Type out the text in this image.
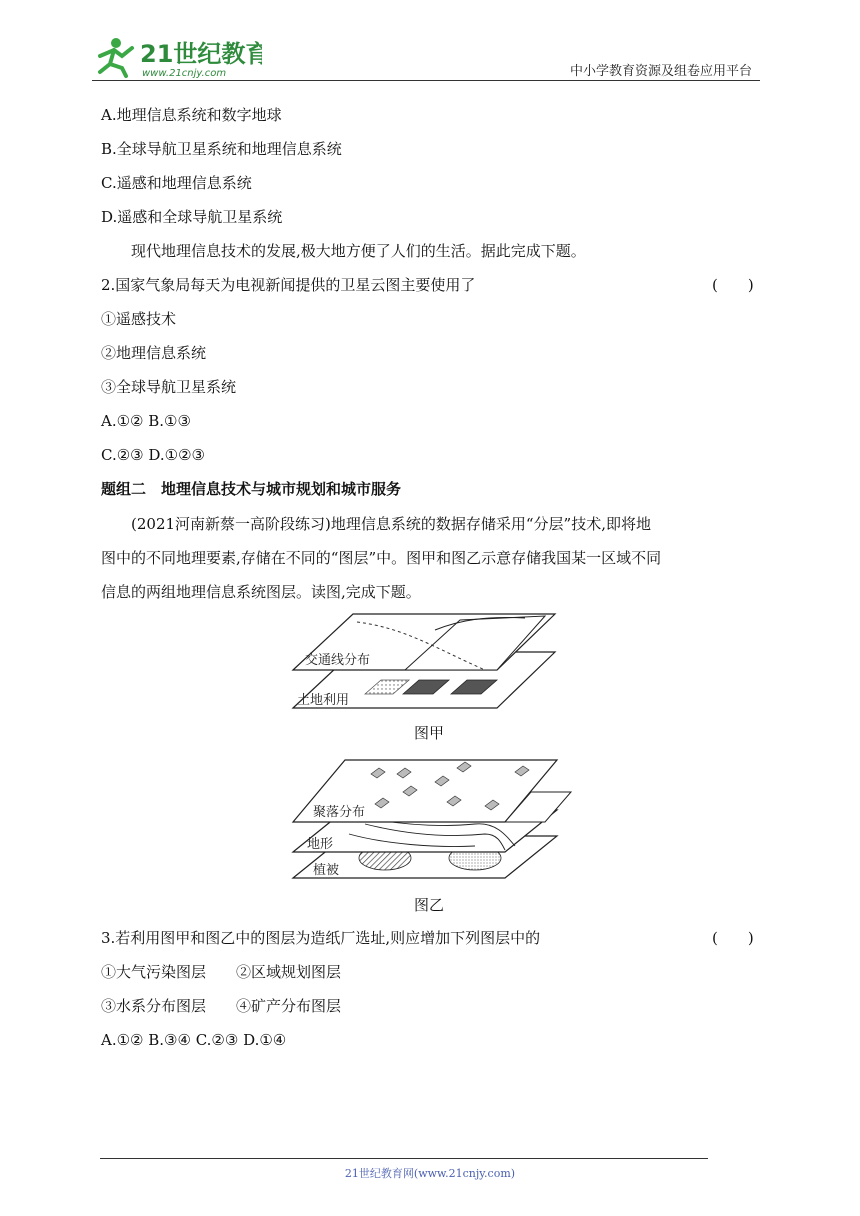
21世纪教育
www.21cnjy.com	中小学教育资源及组卷应用平台
A.地理信息系统和数字地球
B.全球导航卫星系统和地理信息系统
C.遥感和地理信息系统
D.遥感和全球导航卫星系统
现代地理信息技术的发展,极大地方便了人们的生活。据此完成下题。
2.国家气象局每天为电视新闻提供的卫星云图主要使用了	(　　)
①遥感技术
②地理信息系统
③全球导航卫星系统
A.①② B.①③
C.②③ D.①②③
题组二　地理信息技术与城市规划和城市服务
(2021河南新蔡一高阶段练习)地理信息系统的数据存储采用“分层”技术,即将地
图中的不同地理要素,存储在不同的“图层”中。图甲和图乙示意存储我国某一区域不同
信息的两组地理信息系统图层。读图,完成下题。
土地利用
交通线分布
图甲
植被
地形
聚落分布
图乙
3.若利用图甲和图乙中的图层为造纸厂选址,则应增加下列图层中的	(　　)
①大气污染图层　　②区域规划图层
③水系分布图层　　④矿产分布图层
A.①② B.③④ C.②③ D.①④
21世纪教育网(www.21cnjy.com)
